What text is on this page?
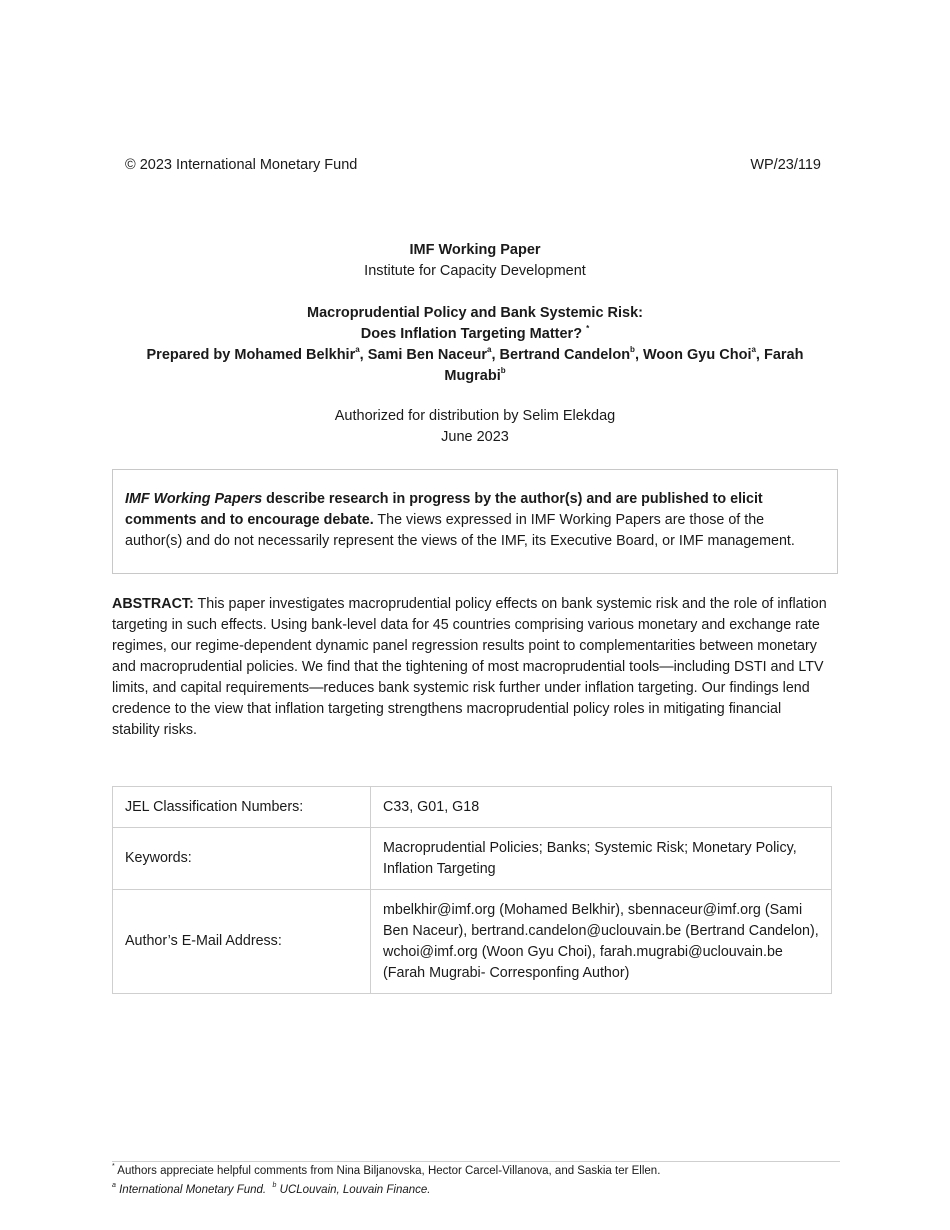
© 2023 International Monetary Fund	WP/23/119
IMF Working Paper
Institute for Capacity Development
Macroprudential Policy and Bank Systemic Risk:
Does Inflation Targeting Matter? *
Prepared by Mohamed Belkhir$^a$, Sami Ben Naceur$^a$, Bertrand Candelon$^b$, Woon Gyu Choi$^a$, Farah Mugrabi$^b$
Authorized for distribution by Selim Elekdag
June 2023
IMF Working Papers describe research in progress by the author(s) and are published to elicit comments and to encourage debate. The views expressed in IMF Working Papers are those of the author(s) and do not necessarily represent the views of the IMF, its Executive Board, or IMF management.
ABSTRACT: This paper investigates macroprudential policy effects on bank systemic risk and the role of inflation targeting in such effects. Using bank-level data for 45 countries comprising various monetary and exchange rate regimes, our regime-dependent dynamic panel regression results point to complementarities between monetary and macroprudential policies. We find that the tightening of most macroprudential tools—including DSTI and LTV limits, and capital requirements—reduces bank systemic risk further under inflation targeting. Our findings lend credence to the view that inflation targeting strengthens macroprudential policy roles in mitigating financial stability risks.
JEL Classification Numbers:	C33, G01, G18
Keywords:	Macroprudential Policies; Banks; Systemic Risk; Monetary Policy, Inflation Targeting
Author’s E-Mail Address:	mbelkhir@imf.org (Mohamed Belkhir), sbennaceur@imf.org (Sami Ben Naceur), bertrand.candelon@uclouvain.be (Bertrand Candelon), wchoi@imf.org (Woon Gyu Choi), farah.mugrabi@uclouvain.be (Farah Mugrabi- Corresponfing Author)
* Authors appreciate helpful comments from Nina Biljanovska, Hector Carcel-Villanova, and Saskia ter Ellen.
$^a$ International Monetary Fund.  $^b$ UCLouvain, Louvain Finance.
